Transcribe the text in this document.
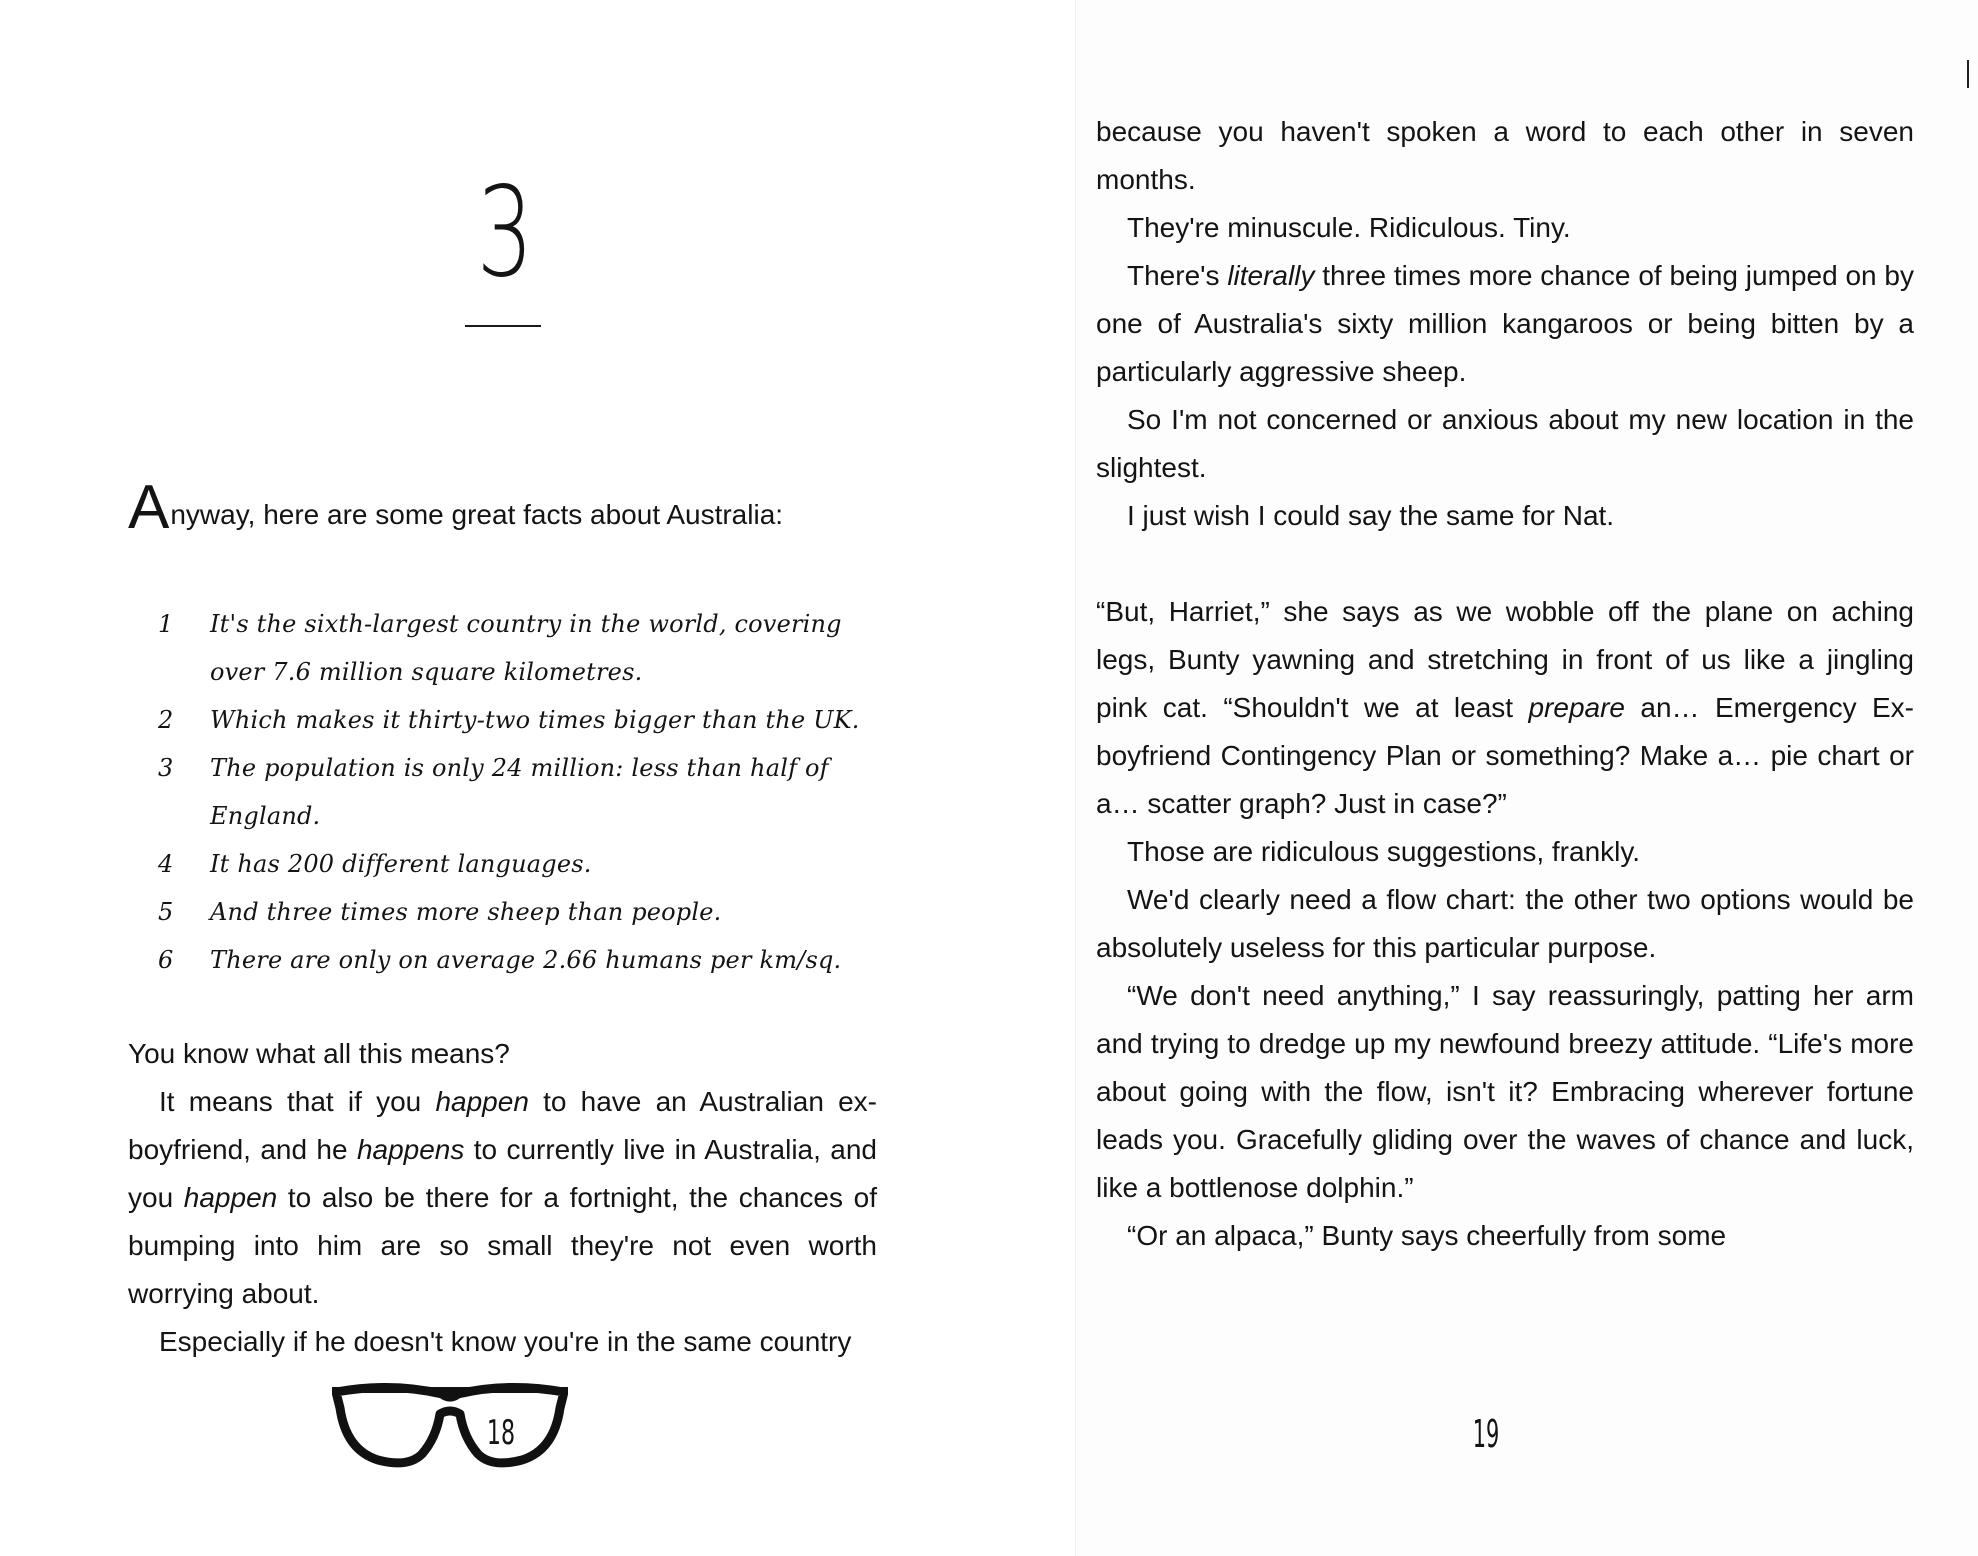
3
Anyway, here are some great facts about Australia:
1	It's the sixth-largest country in the world, covering over 7.6 million square kilometres.
2	Which makes it thirty-two times bigger than the UK.
3	The population is only 24 million: less than half of England.
4	It has 200 different languages.
5	And three times more sheep than people.
6	There are only on average 2.66 humans per km/sq.

You know what all this means?

It means that if you happen to have an Australian ex-boyfriend, and he happens to currently live in Australia, and you happen to also be there for a fortnight, the chances of bumping into him are so small they're not even worth worrying about.

Especially if he doesn't know you're in the same country

18

because you haven't spoken a word to each other in seven months.

They're minuscule. Ridiculous. Tiny.

There's literally three times more chance of being jumped on by one of Australia's sixty million kangaroos or being bitten by a particularly aggressive sheep.

So I'm not concerned or anxious about my new location in the slightest.

I just wish I could say the same for Nat.

“But, Harriet,” she says as we wobble off the plane on aching legs, Bunty yawning and stretching in front of us like a jingling pink cat. “Shouldn't we at least prepare an… Emergency Ex-boyfriend Contingency Plan or something? Make a… pie chart or a… scatter graph? Just in case?”

Those are ridiculous suggestions, frankly.

We'd clearly need a flow chart: the other two options would be absolutely useless for this particular purpose.

“We don't need anything,” I say reassuringly, patting her arm and trying to dredge up my newfound breezy attitude. “Life's more about going with the flow, isn't it? Embracing wherever fortune leads you. Gracefully gliding over the waves of chance and luck, like a bottlenose dolphin.”

“Or an alpaca,” Bunty says cheerfully from some

19
